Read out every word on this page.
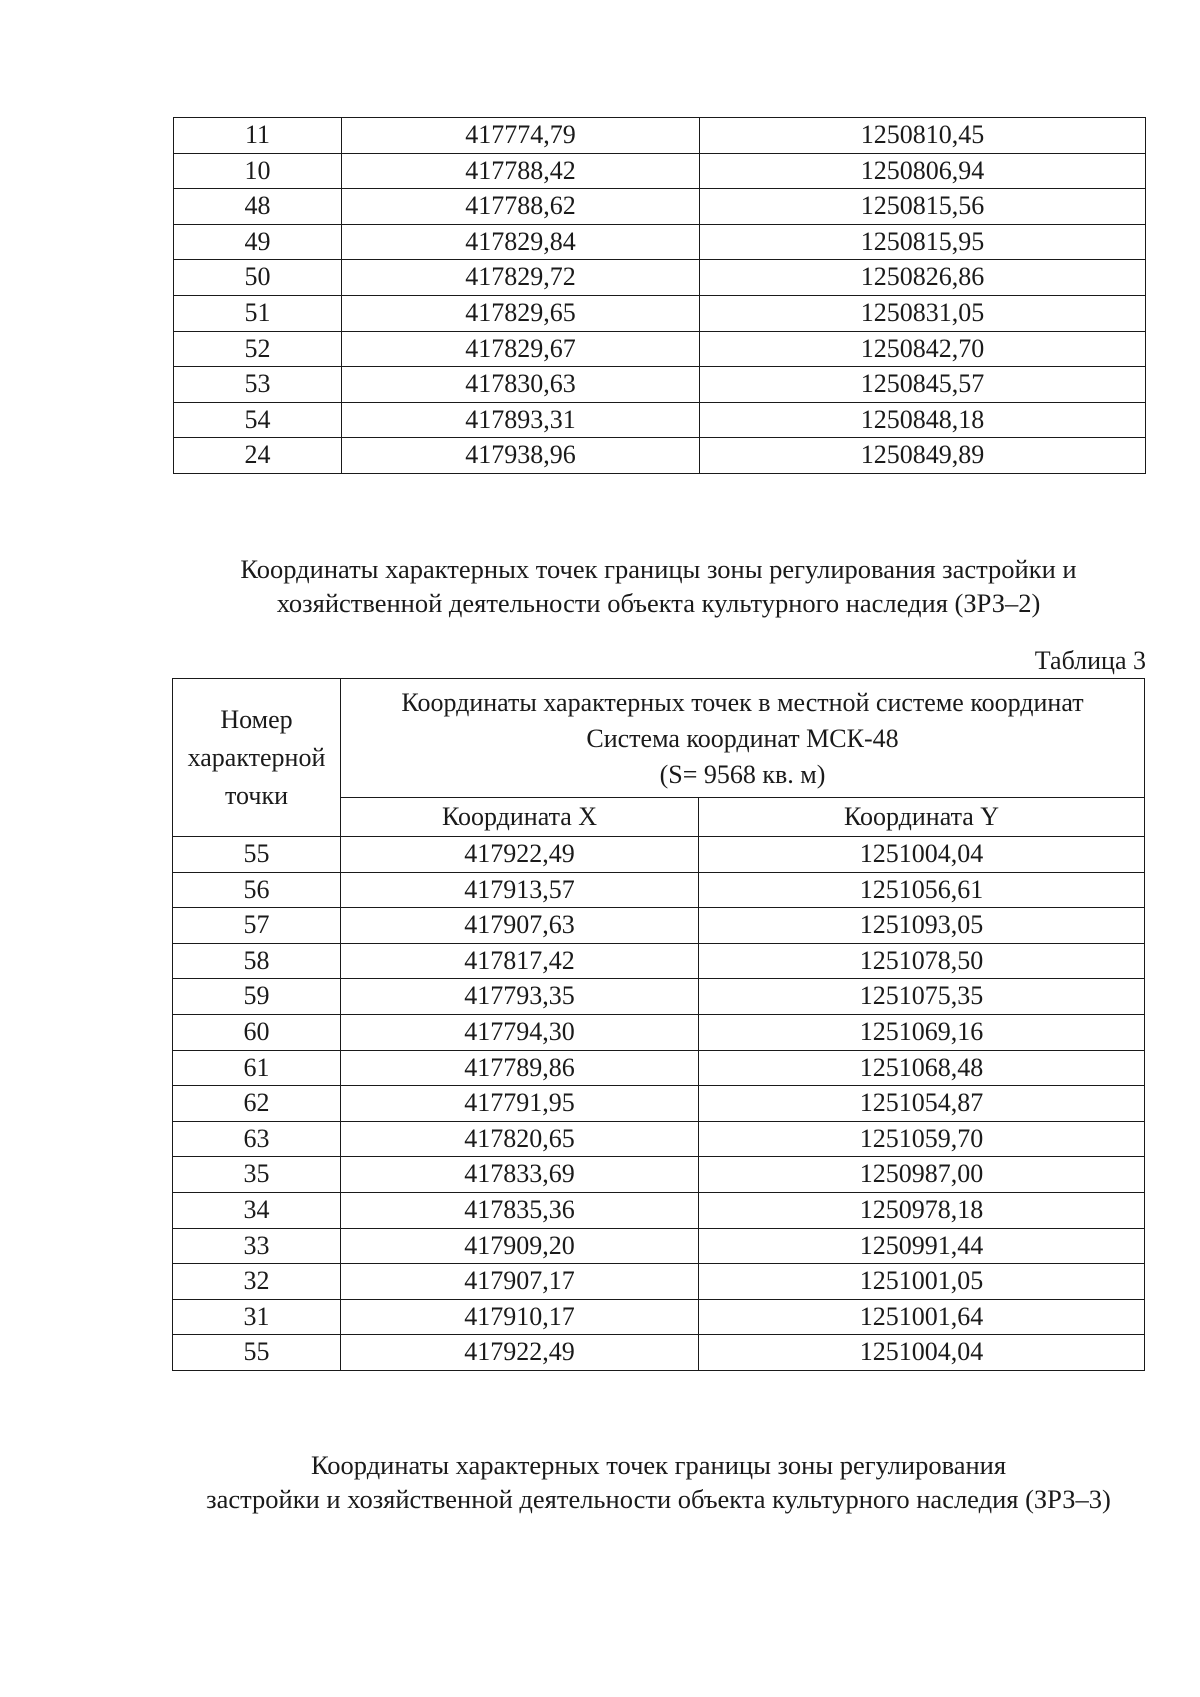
11	417774,79	1250810,45
10	417788,42	1250806,94
48	417788,62	1250815,56
49	417829,84	1250815,95
50	417829,72	1250826,86
51	417829,65	1250831,05
52	417829,67	1250842,70
53	417830,63	1250845,57
54	417893,31	1250848,18
24	417938,96	1250849,89
Координаты характерных точек границы зоны регулирования застройки и
хозяйственной деятельности объекта культурного наследия (ЗРЗ–2)
Таблица 3
Номер
характерной
точки	Координаты характерных точек в местной системе координат
Система координат МСК-48
(S= 9568 кв. м)	

	Координата X	Координата Y
55	417922,49	1251004,04
56	417913,57	1251056,61
57	417907,63	1251093,05
58	417817,42	1251078,50
59	417793,35	1251075,35
60	417794,30	1251069,16
61	417789,86	1251068,48
62	417791,95	1251054,87
63	417820,65	1251059,70
35	417833,69	1250987,00
34	417835,36	1250978,18
33	417909,20	1250991,44
32	417907,17	1251001,05
31	417910,17	1251001,64
55	417922,49	1251004,04
Координаты характерных точек границы зоны регулирования
застройки и хозяйственной деятельности объекта культурного наследия (ЗРЗ–3)
